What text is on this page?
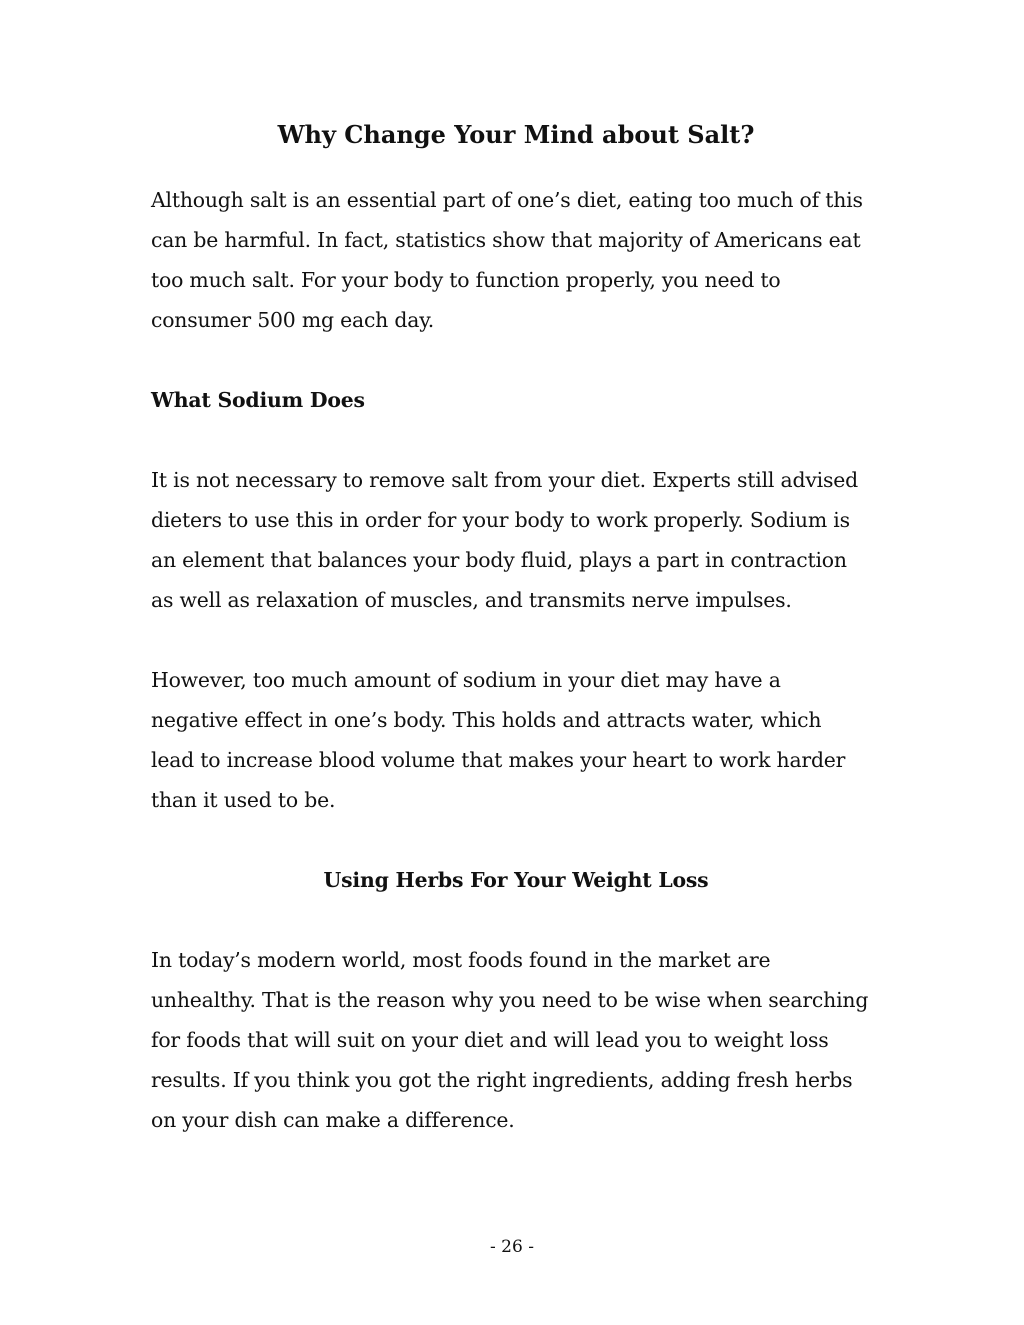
Why Change Your Mind about Salt?

Although salt is an essential part of one’s diet, eating too much of this
can be harmful. In fact, statistics show that majority of Americans eat
too much salt. For your body to function properly, you need to
consumer 500 mg each day.

What Sodium Does

It is not necessary to remove salt from your diet. Experts still advised
dieters to use this in order for your body to work properly. Sodium is
an element that balances your body fluid, plays a part in contraction
as well as relaxation of muscles, and transmits nerve impulses.

However, too much amount of sodium in your diet may have a
negative effect in one’s body. This holds and attracts water, which
lead to increase blood volume that makes your heart to work harder
than it used to be.

Using Herbs For Your Weight Loss

In today’s modern world, most foods found in the market are
unhealthy. That is the reason why you need to be wise when searching
for foods that will suit on your diet and will lead you to weight loss
results. If you think you got the right ingredients, adding fresh herbs
on your dish can make a difference.

- 26 -
